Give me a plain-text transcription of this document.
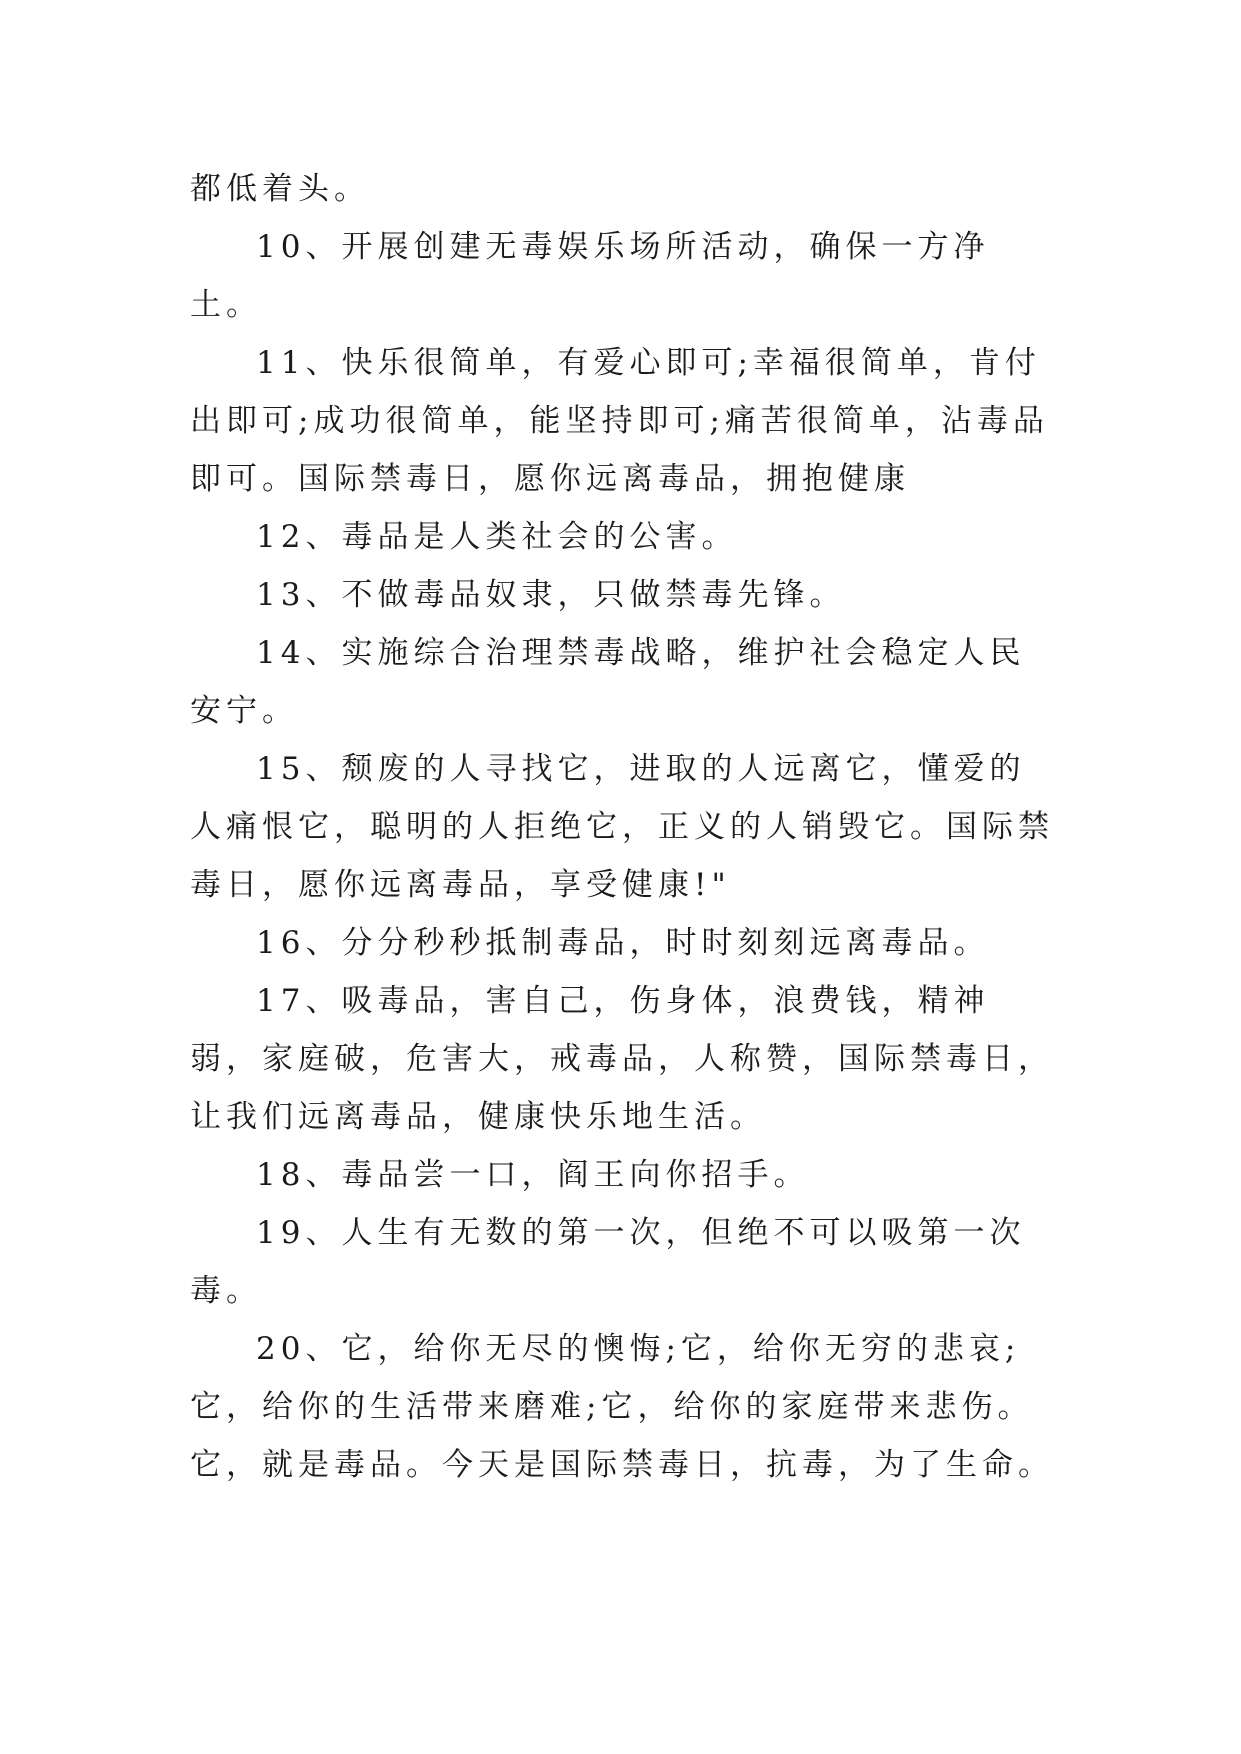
都低着头。

10、开展创建无毒娱乐场所活动，确保一方净土。

11、快乐很简单，有爱心即可;幸福很简单，肯付出即可;成功很简单，能坚持即可;痛苦很简单，沾毒品即可。国际禁毒日，愿你远离毒品，拥抱健康

12、毒品是人类社会的公害。

13、不做毒品奴隶，只做禁毒先锋。

14、实施综合治理禁毒战略，维护社会稳定人民安宁。

15、颓废的人寻找它，进取的人远离它，懂爱的人痛恨它，聪明的人拒绝它，正义的人销毁它。国际禁毒日，愿你远离毒品，享受健康!"

16、分分秒秒抵制毒品，时时刻刻远离毒品。

17、吸毒品，害自己，伤身体，浪费钱，精神弱，家庭破，危害大，戒毒品，人称赞，国际禁毒日，让我们远离毒品，健康快乐地生活。

18、毒品尝一口，阎王向你招手。

19、人生有无数的第一次，但绝不可以吸第一次毒。

20、它，给你无尽的懊悔;它，给你无穷的悲哀;它，给你的生活带来磨难;它，给你的家庭带来悲伤。它，就是毒品。今天是国际禁毒日，抗毒，为了生命。
